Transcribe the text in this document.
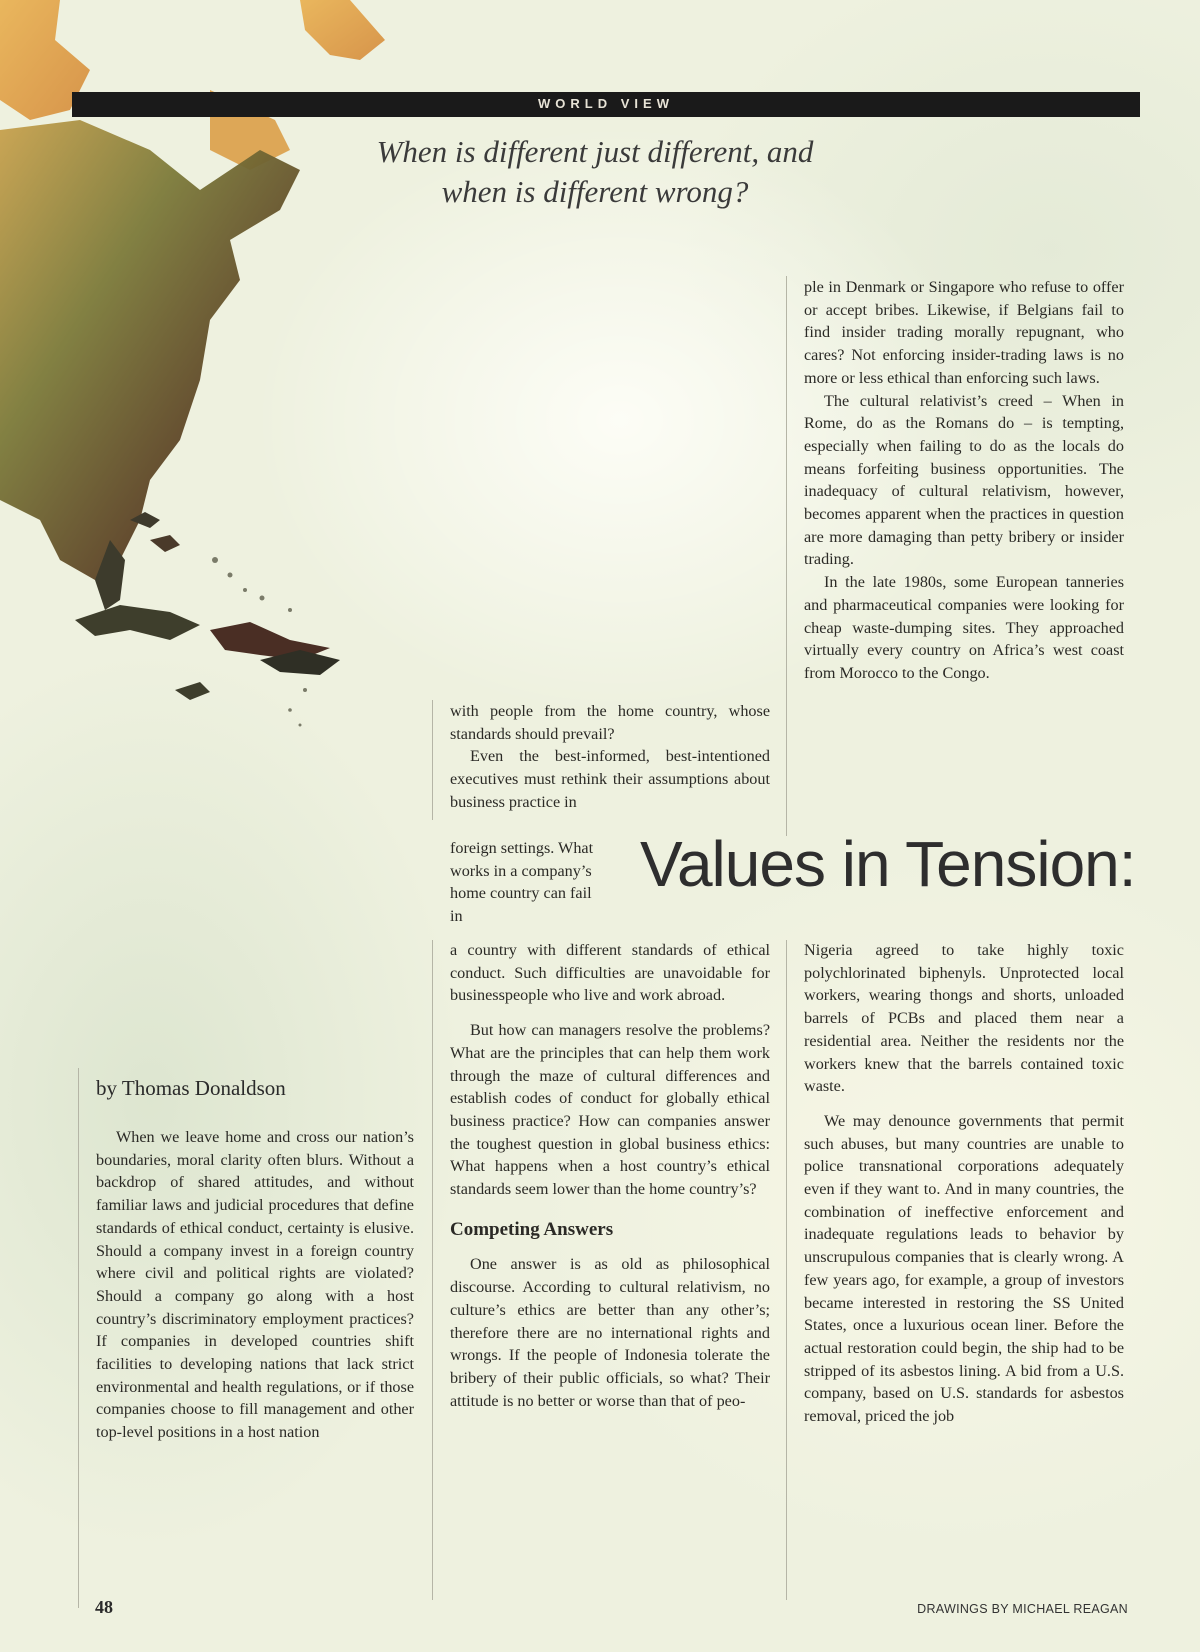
WORLD VIEW
When is different just different, and
when is different wrong?

ple in Denmark or Singapore who refuse to offer or accept bribes. Likewise, if Belgians fail to find insider trading morally repugnant, who cares? Not enforcing insider-trading laws is no more or less ethical than enforcing such laws.

The cultural relativist’s creed – When in Rome, do as the Romans do – is tempting, especially when failing to do as the locals do means forfeiting business opportunities. The inadequacy of cultural relativism, however, becomes apparent when the practices in question are more damaging than petty bribery or insider trading.

In the late 1980s, some European tanneries and pharmaceutical companies were looking for cheap waste-dumping sites. They approached virtually every country on Africa’s west coast from Morocco to the Congo.

with people from the home country, whose standards should prevail?

Even the best-informed, best-intentioned executives must rethink their assumptions about business practice in

foreign settings. What works in a company’s home country can fail in

Values in Tension:
by Thomas Donaldson

When we leave home and cross our nation’s boundaries, moral clarity often blurs. Without a backdrop of shared attitudes, and without familiar laws and judicial procedures that define standards of ethical conduct, certainty is elusive. Should a company invest in a foreign country where civil and political rights are violated? Should a company go along with a host country’s discriminatory employment practices? If companies in developed countries shift facilities to developing nations that lack strict environmental and health regulations, or if those companies choose to fill management and other top-level positions in a host nation

a country with different standards of ethical conduct. Such difficulties are unavoidable for businesspeople who live and work abroad.

But how can managers resolve the problems? What are the principles that can help them work through the maze of cultural differences and establish codes of conduct for globally ethical business practice? How can companies answer the toughest question in global business ethics: What happens when a host country’s ethical standards seem lower than the home country’s?

Competing Answers

One answer is as old as philosophical discourse. According to cultural relativism, no culture’s ethics are better than any other’s; therefore there are no international rights and wrongs. If the people of Indonesia tolerate the bribery of their public officials, so what? Their attitude is no better or worse than that of peo-

Nigeria agreed to take highly toxic polychlorinated biphenyls. Unprotected local workers, wearing thongs and shorts, unloaded barrels of PCBs and placed them near a residential area. Neither the residents nor the workers knew that the barrels contained toxic waste.

We may denounce governments that permit such abuses, but many countries are unable to police transnational corporations adequately even if they want to. And in many countries, the combination of ineffective enforcement and inadequate regulations leads to behavior by unscrupulous companies that is clearly wrong. A few years ago, for example, a group of investors became interested in restoring the SS United States, once a luxurious ocean liner. Before the actual restoration could begin, the ship had to be stripped of its asbestos lining. A bid from a U.S. company, based on U.S. standards for asbestos removal, priced the job

48	DRAWINGS BY MICHAEL REAGAN
